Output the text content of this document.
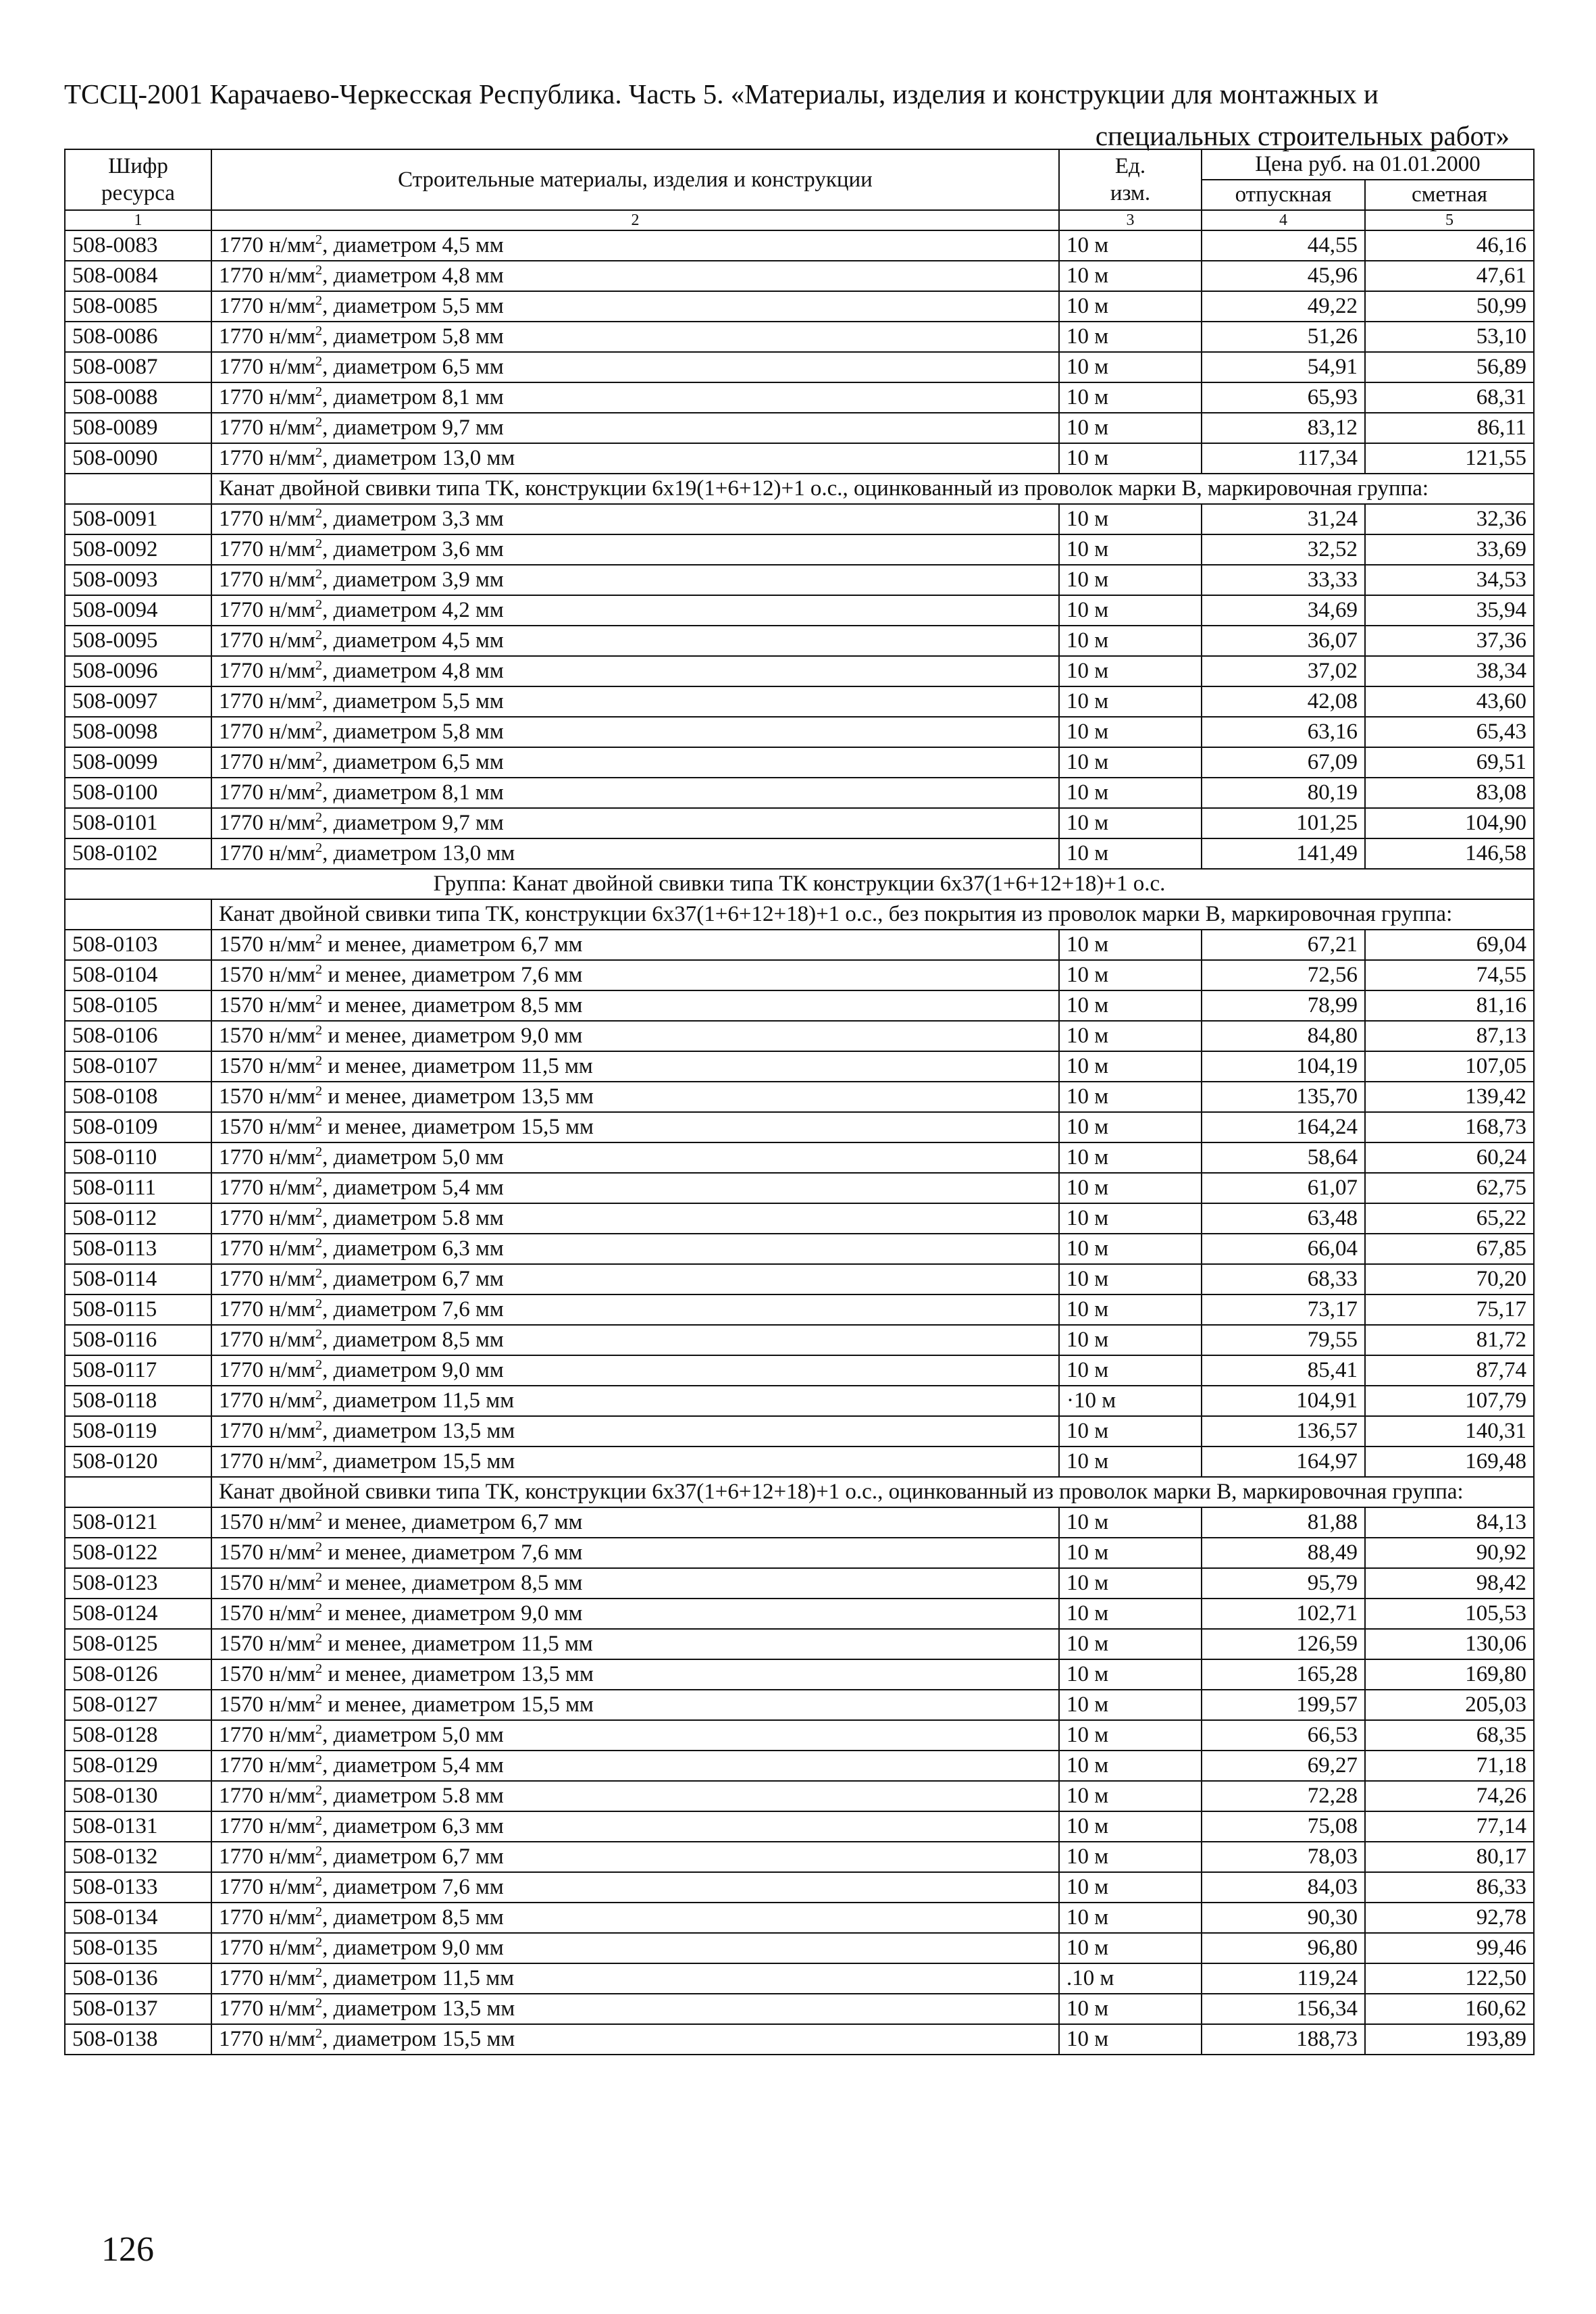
ТССЦ-2001 Карачаево-Черкесская Республика. Часть 5. «Материалы, изделия и конструкции для монтажных и
специальных строительных работ»
Шифр ресурса	Строительные материалы, изделия и конструкции	Ед. изм.	Цена руб. на 01.01.2000	
			отпускная	сметная
1	2	3	4	5
508-0083	1770 $н/мм^2$, диаметром 4,5 мм	10 м	44,55	46,16
508-0084	1770 $н/мм^2$, диаметром 4,8 мм	10 м	45,96	47,61
508-0085	1770 $н/мм^2$, диаметром 5,5 мм	10 м	49,22	50,99
508-0086	1770 $н/мм^2$, диаметром 5,8 мм	10 м	51,26	53,10
508-0087	1770 $н/мм^2$, диаметром 6,5 мм	10 м	54,91	56,89
508-0088	1770 $н/мм^2$, диаметром 8,1 мм	10 м	65,93	68,31
508-0089	1770 $н/мм^2$, диаметром 9,7 мм	10 м	83,12	86,11
508-0090	1770 $н/мм^2$, диаметром 13,0 мм	10 м	117,34	121,55
	Канат двойной свивки типа ТК, конструкции 6х19(1+6+12)+1 о.с., оцинкованный из проволок марки В, маркировочная группа:			
508-0091	1770 $н/мм^2$, диаметром 3,3 мм	10 м	31,24	32,36
508-0092	1770 $н/мм^2$, диаметром 3,6 мм	10 м	32,52	33,69
508-0093	1770 $н/мм^2$, диаметром 3,9 мм	10 м	33,33	34,53
508-0094	1770 $н/мм^2$, диаметром 4,2 мм	10 м	34,69	35,94
508-0095	1770 $н/мм^2$, диаметром 4,5 мм	10 м	36,07	37,36
508-0096	1770 $н/мм^2$, диаметром 4,8 мм	10 м	37,02	38,34
508-0097	1770 $н/мм^2$, диаметром 5,5 мм	10 м	42,08	43,60
508-0098	1770 $н/мм^2$, диаметром 5,8 мм	10 м	63,16	65,43
508-0099	1770 $н/мм^2$, диаметром 6,5 мм	10 м	67,09	69,51
508-0100	1770 $н/мм^2$, диаметром 8,1 мм	10 м	80,19	83,08
508-0101	1770 $н/мм^2$, диаметром 9,7 мм	10 м	101,25	104,90
508-0102	1770 $н/мм^2$, диаметром 13,0 мм	10 м	141,49	146,58
Группа: Канат двойной свивки типа ТК конструкции 6х37(1+6+12+18)+1 о.с.				
	Канат двойной свивки типа ТК, конструкции 6х37(1+6+12+18)+1 о.с., без покрытия из проволок марки В, маркировочная группа:			
508-0103	1570 $н/мм^2$ и менее, диаметром 6,7 мм	10 м	67,21	69,04
508-0104	1570 $н/мм^2$ и менее, диаметром 7,6 мм	10 м	72,56	74,55
508-0105	1570 $н/мм^2$ и менее, диаметром 8,5 мм	10 м	78,99	81,16
508-0106	1570 $н/мм^2$ и менее, диаметром 9,0 мм	10 м	84,80	87,13
508-0107	1570 $н/мм^2$ и менее, диаметром 11,5 мм	10 м	104,19	107,05
508-0108	1570 $н/мм^2$ и менее, диаметром 13,5 мм	10 м	135,70	139,42
508-0109	1570 $н/мм^2$ и менее, диаметром 15,5 мм	10 м	164,24	168,73
508-0110	1770 $н/мм^2$, диаметром 5,0 мм	10 м	58,64	60,24
508-0111	1770 $н/мм^2$, диаметром 5,4 мм	10 м	61,07	62,75
508-0112	1770 $н/мм^2$, диаметром 5.8 мм	10 м	63,48	65,22
508-0113	1770 $н/мм^2$, диаметром 6,3 мм	10 м	66,04	67,85
508-0114	1770 $н/мм^2$, диаметром 6,7 мм	10 м	68,33	70,20
508-0115	1770 $н/мм^2$, диаметром 7,6 мм	10 м	73,17	75,17
508-0116	1770 $н/мм^2$, диаметром 8,5 мм	10 м	79,55	81,72
508-0117	1770 $н/мм^2$, диаметром 9,0 мм	10 м	85,41	87,74
508-0118	1770 $н/мм^2$, диаметром 11,5 мм	·10 м	104,91	107,79
508-0119	1770 $н/мм^2$, диаметром 13,5 мм	10 м	136,57	140,31
508-0120	1770 $н/мм^2$, диаметром 15,5 мм	10 м	164,97	169,48
	Канат двойной свивки типа ТК, конструкции 6х37(1+6+12+18)+1 о.с., оцинкованный из проволок марки В, маркировочная группа:			
508-0121	1570 $н/мм^2$ и менее, диаметром 6,7 мм	10 м	81,88	84,13
508-0122	1570 $н/мм^2$ и менее, диаметром 7,6 мм	10 м	88,49	90,92
508-0123	1570 $н/мм^2$ и менее, диаметром 8,5 мм	10 м	95,79	98,42
508-0124	1570 $н/мм^2$ и менее, диаметром 9,0 мм	10 м	102,71	105,53
508-0125	1570 $н/мм^2$ и менее, диаметром 11,5 мм	10 м	126,59	130,06
508-0126	1570 $н/мм^2$ и менее, диаметром 13,5 мм	10 м	165,28	169,80
508-0127	1570 $н/мм^2$ и менее, диаметром 15,5 мм	10 м	199,57	205,03
508-0128	1770 $н/мм^2$, диаметром 5,0 мм	10 м	66,53	68,35
508-0129	1770 $н/мм^2$, диаметром 5,4 мм	10 м	69,27	71,18
508-0130	1770 $н/мм^2$, диаметром 5.8 мм	10 м	72,28	74,26
508-0131	1770 $н/мм^2$, диаметром 6,3 мм	10 м	75,08	77,14
508-0132	1770 $н/мм^2$, диаметром 6,7 мм	10 м	78,03	80,17
508-0133	1770 $н/мм^2$, диаметром 7,6 мм	10 м	84,03	86,33
508-0134	1770 $н/мм^2$, диаметром 8,5 мм	10 м	90,30	92,78
508-0135	1770 $н/мм^2$, диаметром 9,0 мм	10 м	96,80	99,46
508-0136	1770 $н/мм^2$, диаметром 11,5 мм	.10 м	119,24	122,50
508-0137	1770 $н/мм^2$, диаметром 13,5 мм	10 м	156,34	160,62
508-0138	1770 $н/мм^2$, диаметром 15,5 мм	10 м	188,73	193,89
126
